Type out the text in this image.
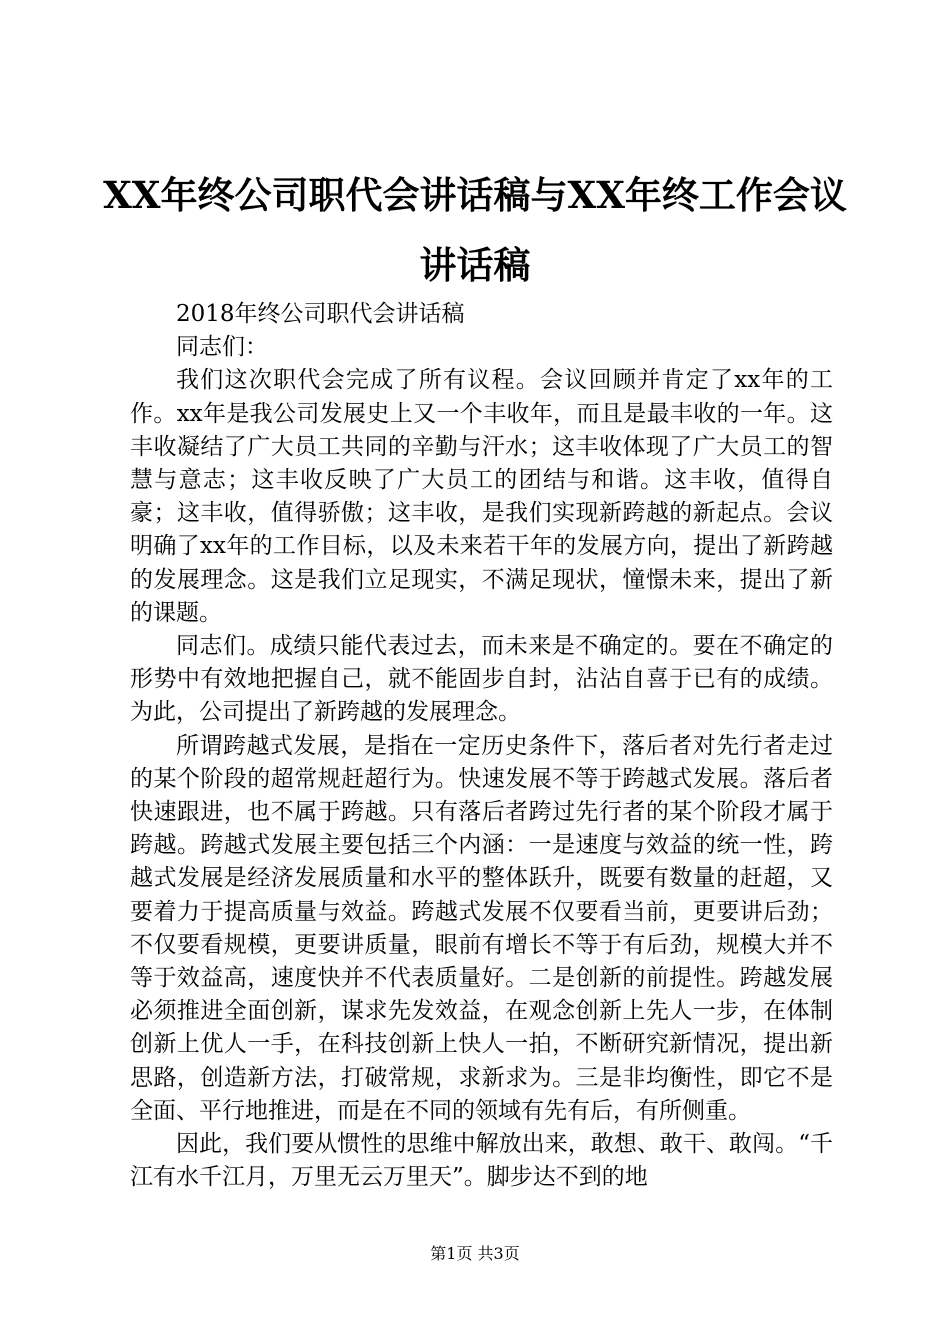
XX年终公司职代会讲话稿与XX年终工作会议
讲话稿

2018年终公司职代会讲话稿

同志们：

我们这次职代会完成了所有议程。会议回顾并肯定了xx年的工作。xx年是我公司发展史上又一个丰收年，而且是最丰收的一年。这丰收凝结了广大员工共同的辛勤与汗水；这丰收体现了广大员工的智慧与意志；这丰收反映了广大员工的团结与和谐。这丰收，值得自豪；这丰收，值得骄傲；这丰收，是我们实现新跨越的新起点。会议明确了xx年的工作目标，以及未来若干年的发展方向，提出了新跨越的发展理念。这是我们立足现实，不满足现状，憧憬未来，提出了新的课题。

同志们。成绩只能代表过去，而未来是不确定的。要在不确定的形势中有效地把握自己，就不能固步自封，沾沾自喜于已有的成绩。为此，公司提出了新跨越的发展理念。

所谓跨越式发展，是指在一定历史条件下，落后者对先行者走过的某个阶段的超常规赶超行为。快速发展不等于跨越式发展。落后者快速跟进，也不属于跨越。只有落后者跨过先行者的某个阶段才属于跨越。跨越式发展主要包括三个内涵：一是速度与效益的统一性，跨越式发展是经济发展质量和水平的整体跃升，既要有数量的赶超，又要着力于提高质量与效益。跨越式发展不仅要看当前，更要讲后劲；不仅要看规模，更要讲质量，眼前有增长不等于有后劲，规模大并不等于效益高，速度快并不代表质量好。二是创新的前提性。跨越发展必须推进全面创新，谋求先发效益，在观念创新上先人一步，在体制创新上优人一手，在科技创新上快人一拍，不断研究新情况，提出新思路，创造新方法，打破常规，求新求为。三是非均衡性，即它不是全面、平行地推进，而是在不同的领域有先有后，有所侧重。

因此，我们要从惯性的思维中解放出来，敢想、敢干、敢闯。“千江有水千江月，万里无云万里天”。脚步达不到的地

第1页 共3页
